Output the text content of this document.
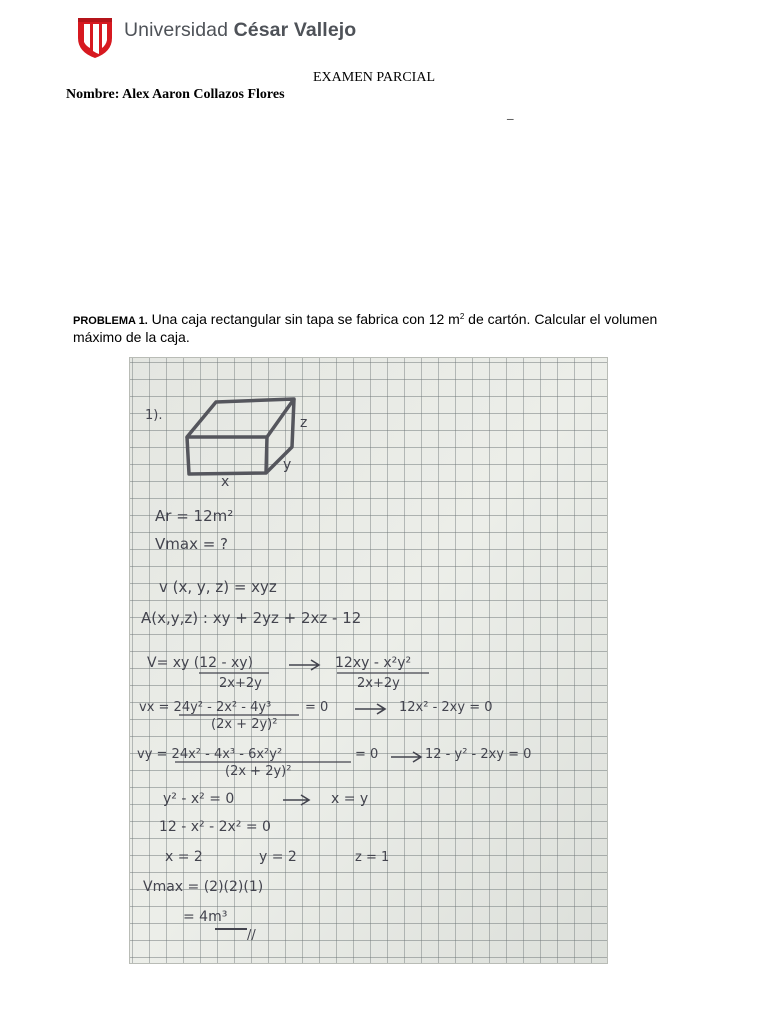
Universidad César Vallejo
EXAMEN PARCIAL
Nombre: Alex Aaron Collazos Flores
_
PROBLEMA 1. Una caja rectangular sin tapa se fabrica con 12 $m^2$ de cartón. Calcular el volumen máximo de la caja.
1).	z
y
x
Ar = 12m²
Vmax = ?
v (x, y, z) = xyz
A(x,y,z) : xy + 2yz + 2xz - 12
V= xy (12 - xy)
2x+2y
12xy - x²y²
2x+2y
vx = 24y² - 2x² - 4y³
(2x + 2y)²
= 0	12x² - 2xy = 0
vy = 24x² - 4x³ - 6x²y²
(2x + 2y)²
= 0	12 - y² - 2xy = 0
y² - x² = 0	x = y
12 - x² - 2x² = 0
x = 2	y = 2	z = 1
Vmax = (2)(2)(1)
= 4m³
//
